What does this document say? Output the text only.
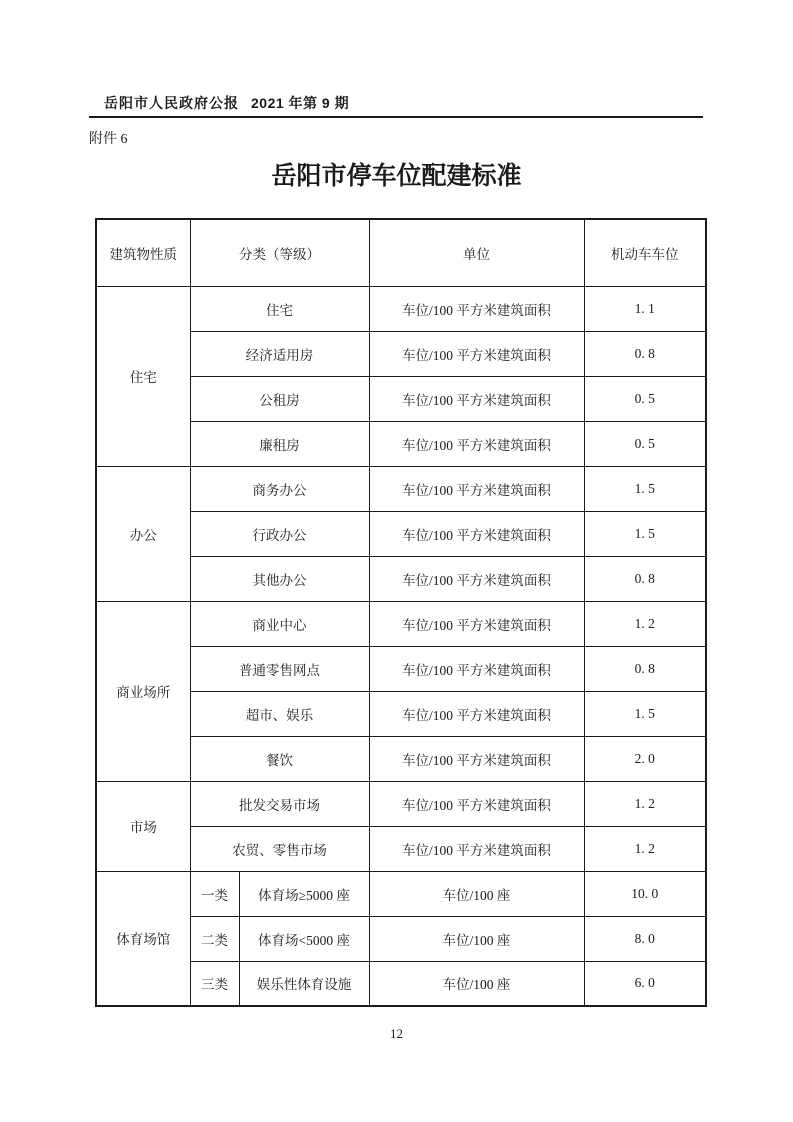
岳阳市人民政府公报 2021 年第 9 期
附件 6
岳阳市停车位配建标准
建筑物性质	分类（等级）		单位	机动车车位
住宅	住宅		车位/100 平方米建筑面积	1. 1
	经济适用房		车位/100 平方米建筑面积	0. 8
	公租房		车位/100 平方米建筑面积	0. 5
	廉租房		车位/100 平方米建筑面积	0. 5
办公	商务办公		车位/100 平方米建筑面积	1. 5
	行政办公		车位/100 平方米建筑面积	1. 5
	其他办公		车位/100 平方米建筑面积	0. 8
商业场所	商业中心		车位/100 平方米建筑面积	1. 2
	普通零售网点		车位/100 平方米建筑面积	0. 8
	超市、娱乐		车位/100 平方米建筑面积	1. 5
	餐饮		车位/100 平方米建筑面积	2. 0
市场	批发交易市场		车位/100 平方米建筑面积	1. 2
	农贸、零售市场		车位/100 平方米建筑面积	1. 2
体育场馆	一类	体育场≥5000 座	车位/100 座	10. 0
	二类	体育场<5000 座	车位/100 座	8. 0
	三类	娱乐性体育设施	车位/100 座	6. 0
12
